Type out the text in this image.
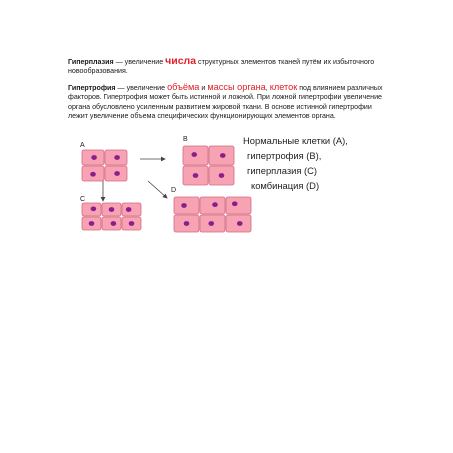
Гиперплазия — увеличение числа структурных элементов тканей путём их избыточного новообразования.

Гипертрофия — увеличение объёма и массы органа, клеток под влиянием различных факторов. Гипертрофия может быть истинной и ложной. При ложной гипертрофии увеличение органа обусловлено усиленным развитием жировой ткани. В основе истинной гипертрофии лежит увеличение объема специфических функционирующих элементов органа.

A
B
C
D
Нормальные клетки (A),
гипертрофия (B),
гиперплазия (C)
комбинация (D)
